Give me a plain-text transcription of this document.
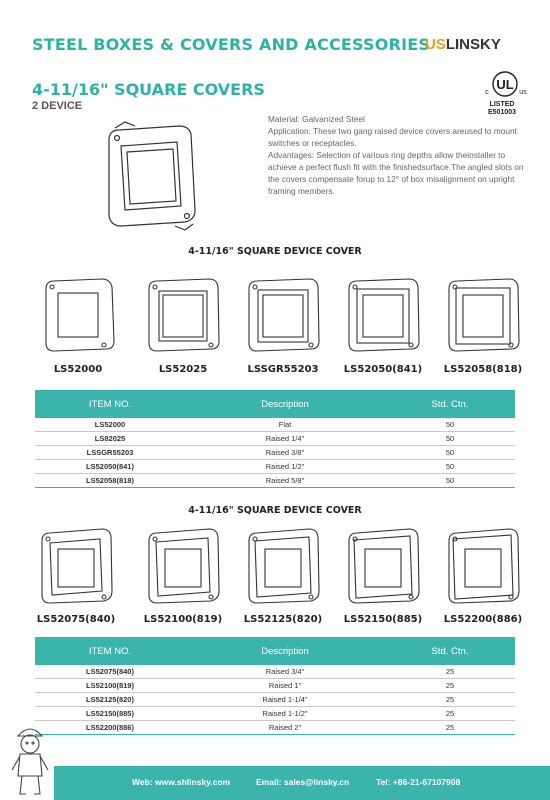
STEEL BOXES & COVERS AND ACCESSORIES
USLINSKY
4-11/16" SQUARE COVERS
2 DEVICE
UL
c	us
LISTED
E501003

Material: Galvanized Steel

Application: These two gang raised device covers areused to mount switches or receptacles.

Advantages: Selection of various ring depths allow theinstaller to achieve a perfect flush fit with the finishedsurface.The angled slots on the covers compensate forup to 12° of box misalignment on upright framing members.

4-11/16" SQUARE DEVICE COVER
LS52000	LS52025	LSSGR55203	LS52050(841)	LS52058(818)
ITEM NO.	Description	Std. Ctn.
LS52000	Flat	50
LS82025	Raised 1/4"	50
LSSGR55203	Raised 3/8"	50
LS52050(841)	Raised 1/2"	50
LS52058(818)	Raised 5/8"	50
4-11/16" SQUARE DEVICE COVER
LS52075(840)	LS52100(819)	LS52125(820)	LS52150(885)	LS52200(886)
ITEM NO.	Description	Std. Ctn.
LS52075(840)	Raised 3/4"	25
LS52100(819)	Raised 1"	25
LS52125(820)	Raised 1-1/4"	25
LS52150(885)	Raised 1-1/2"	25
LS52200(886)	Raised 2"	25
Web: www.shlinsky.com	Email: sales@linsky.cn	Tel: +86-21-67107908
